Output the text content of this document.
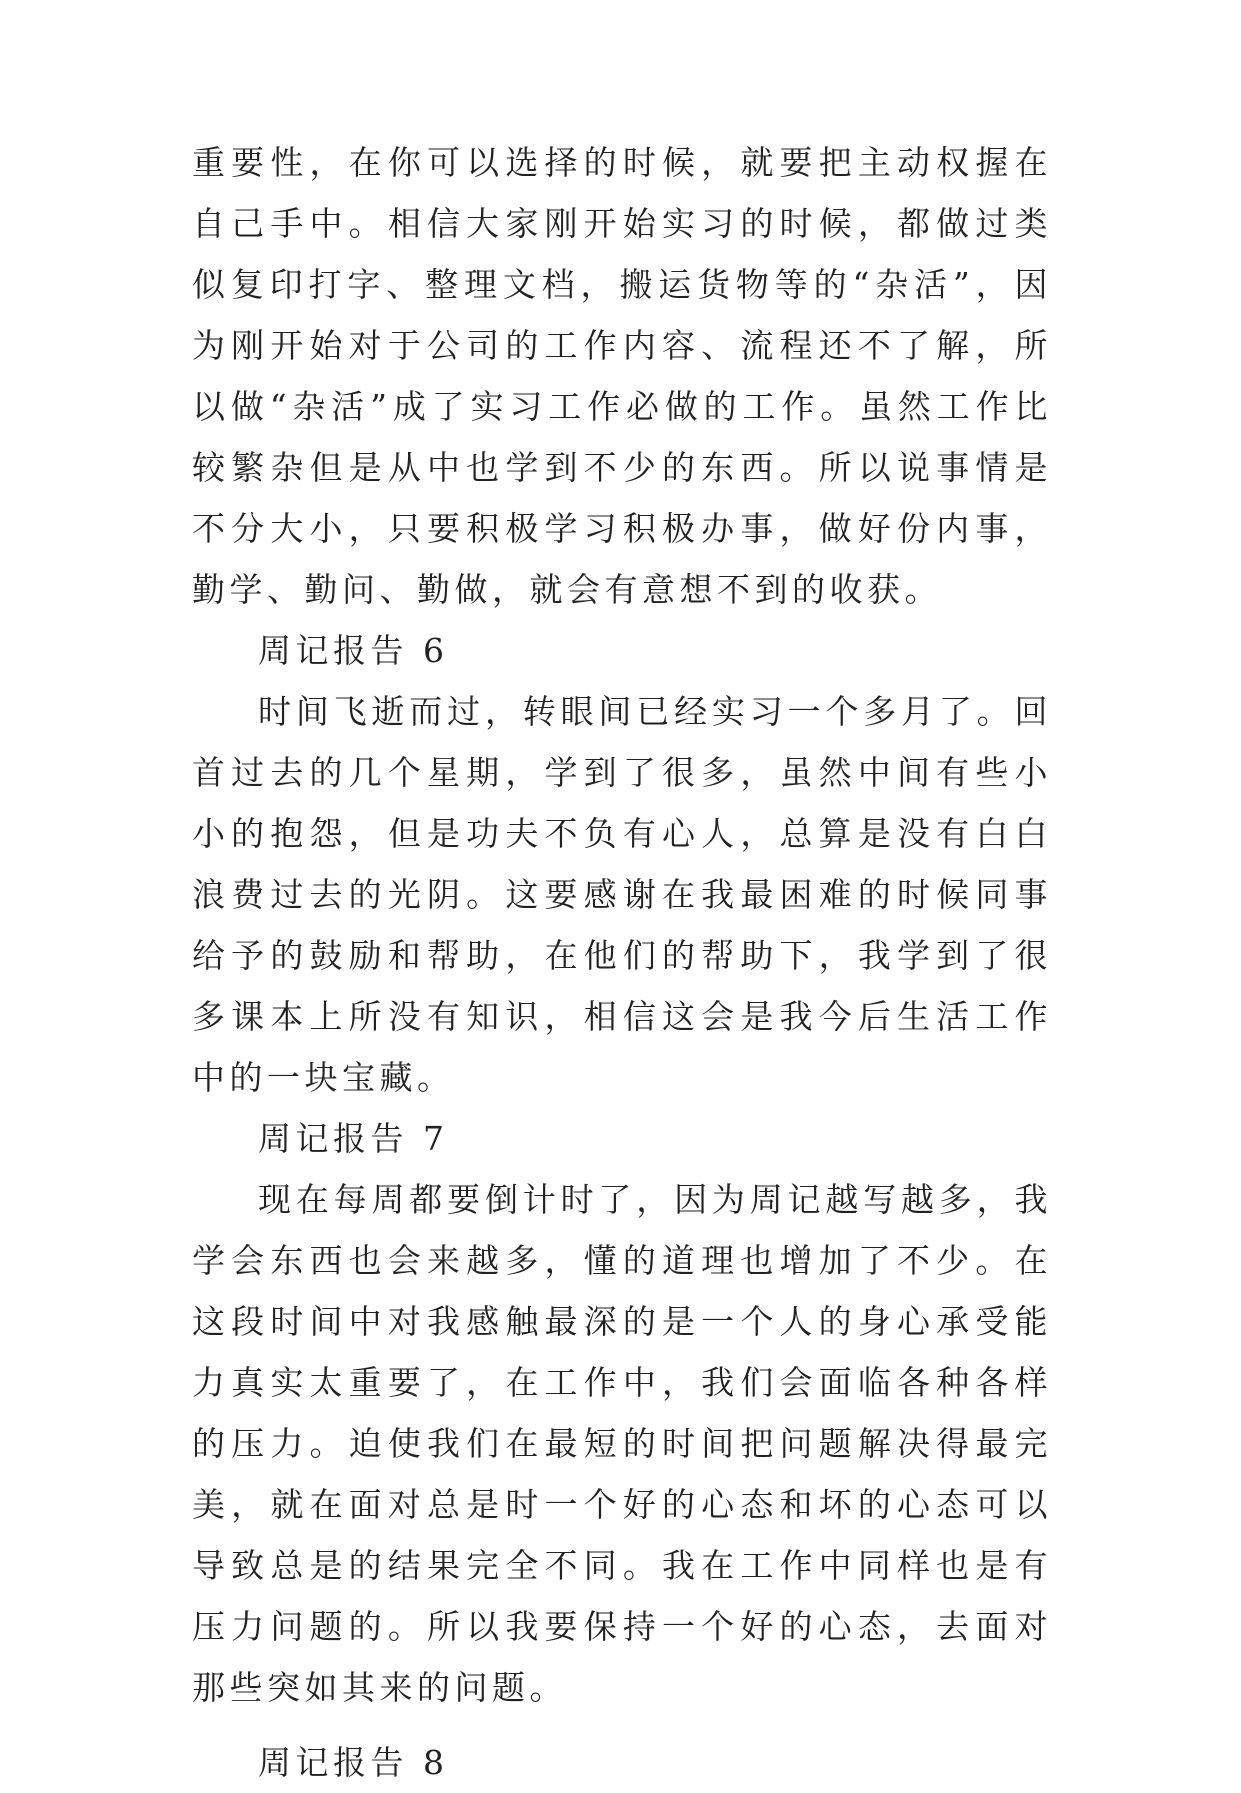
重要性，在你可以选择的时候，就要把主动权握在自己手中。相信大家刚开始实习的时候，都做过类似复印打字、整理文档，搬运货物等的“杂活”，因为刚开始对于公司的工作内容、流程还不了解，所以做“杂活”成了实习工作必做的工作。虽然工作比较繁杂但是从中也学到不少的东西。所以说事情是不分大小，只要积极学习积极办事，做好份内事，勤学、勤问、勤做，就会有意想不到的收获。

周记报告 6

时间飞逝而过，转眼间已经实习一个多月了。回首过去的几个星期，学到了很多，虽然中间有些小小的抱怨，但是功夫不负有心人，总算是没有白白浪费过去的光阴。这要感谢在我最困难的时候同事给予的鼓励和帮助，在他们的帮助下，我学到了很多课本上所没有知识，相信这会是我今后生活工作中的一块宝藏。

周记报告 7

现在每周都要倒计时了，因为周记越写越多，我学会东西也会来越多，懂的道理也增加了不少。在这段时间中对我感触最深的是一个人的身心承受能力真实太重要了，在工作中，我们会面临各种各样的压力。迫使我们在最短的时间把问题解决得最完美，就在面对总是时一个好的心态和坏的心态可以导致总是的结果完全不同。我在工作中同样也是有压力问题的。所以我要保持一个好的心态，去面对那些突如其来的问题。

周记报告 8
